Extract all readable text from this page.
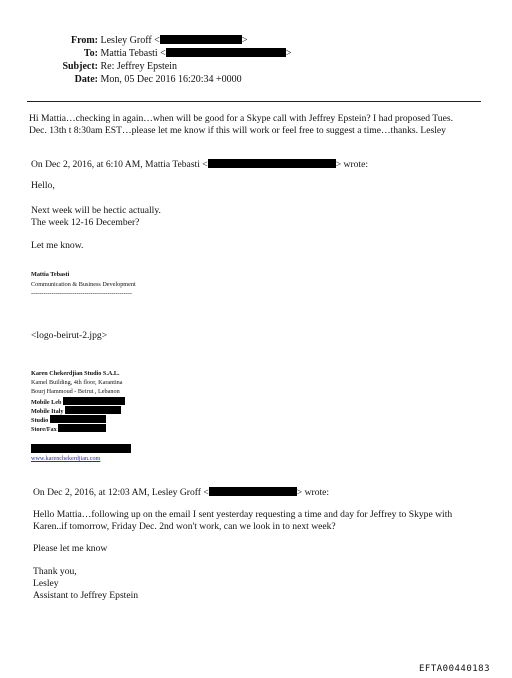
From: Lesley Groff <	>
To: Mattia Tebasti <	>
Subject: Re: Jeffrey Epstein
Date: Mon, 05 Dec 2016 16:20:34 +0000
Hi Mattia…checking in again…when will be good for a Skype call with Jeffrey Epstein? I had proposed Tues.
Dec. 13th t 8:30am EST…please let me know if this will work or feel free to suggest a time…thanks. Lesley
On Dec 2, 2016, at 6:10 AM, Mattia Tebasti <	> wrote:
Hello,
Next week will be hectic actually.
The week 12-16 December?
Let me know.
Mattia Tebasti
Communication & Business Development
-------------------------------------------------
<logo-beirut-2.jpg>
Karen Chekerdjian Studio S.A.L.
Kamel Building, 4th floor, Karantina
Bourj Hammoud - Beirut , Lebanon
Mobile Leb
Mobile Italy
Studio
Store/Fax
www.karenchekerdjian.com
On Dec 2, 2016, at 12:03 AM, Lesley Groff <	> wrote:
Hello Mattia…following up on the email I sent yesterday requesting a time and day for Jeffrey to Skype with
Karen..if tomorrow, Friday Dec. 2nd won't work, can we look in to next week?
Please let me know
Thank you,
Lesley
Assistant to Jeffrey Epstein
EFTA00440183
